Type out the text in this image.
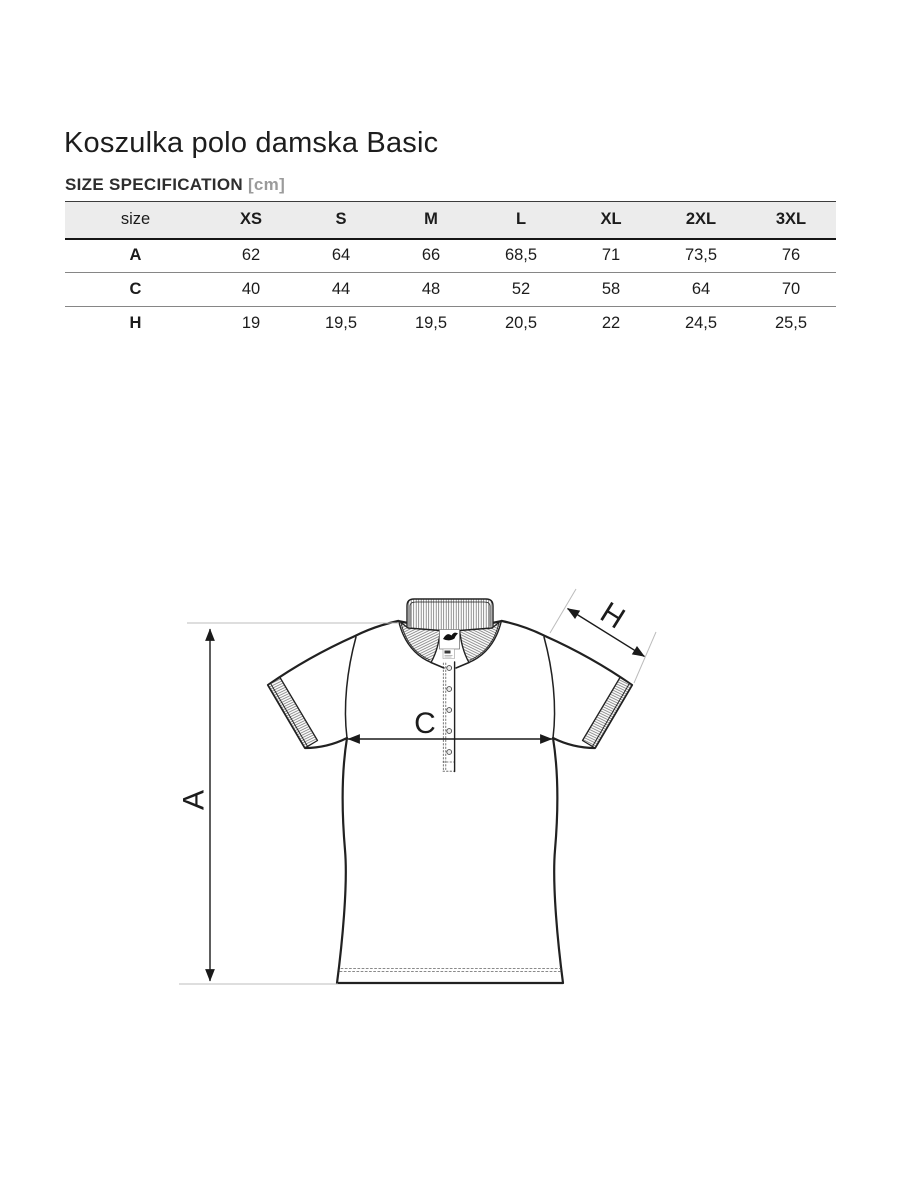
Koszulka polo damska Basic
SIZE SPECIFICATION [cm]
size	XS	S	M	L	XL	2XL	3XL
A	62	64	66	68,5	71	73,5	76
C	40	44	48	52	58	64	70
H	19	19,5	19,5	20,5	22	24,5	25,5
A
C
H
